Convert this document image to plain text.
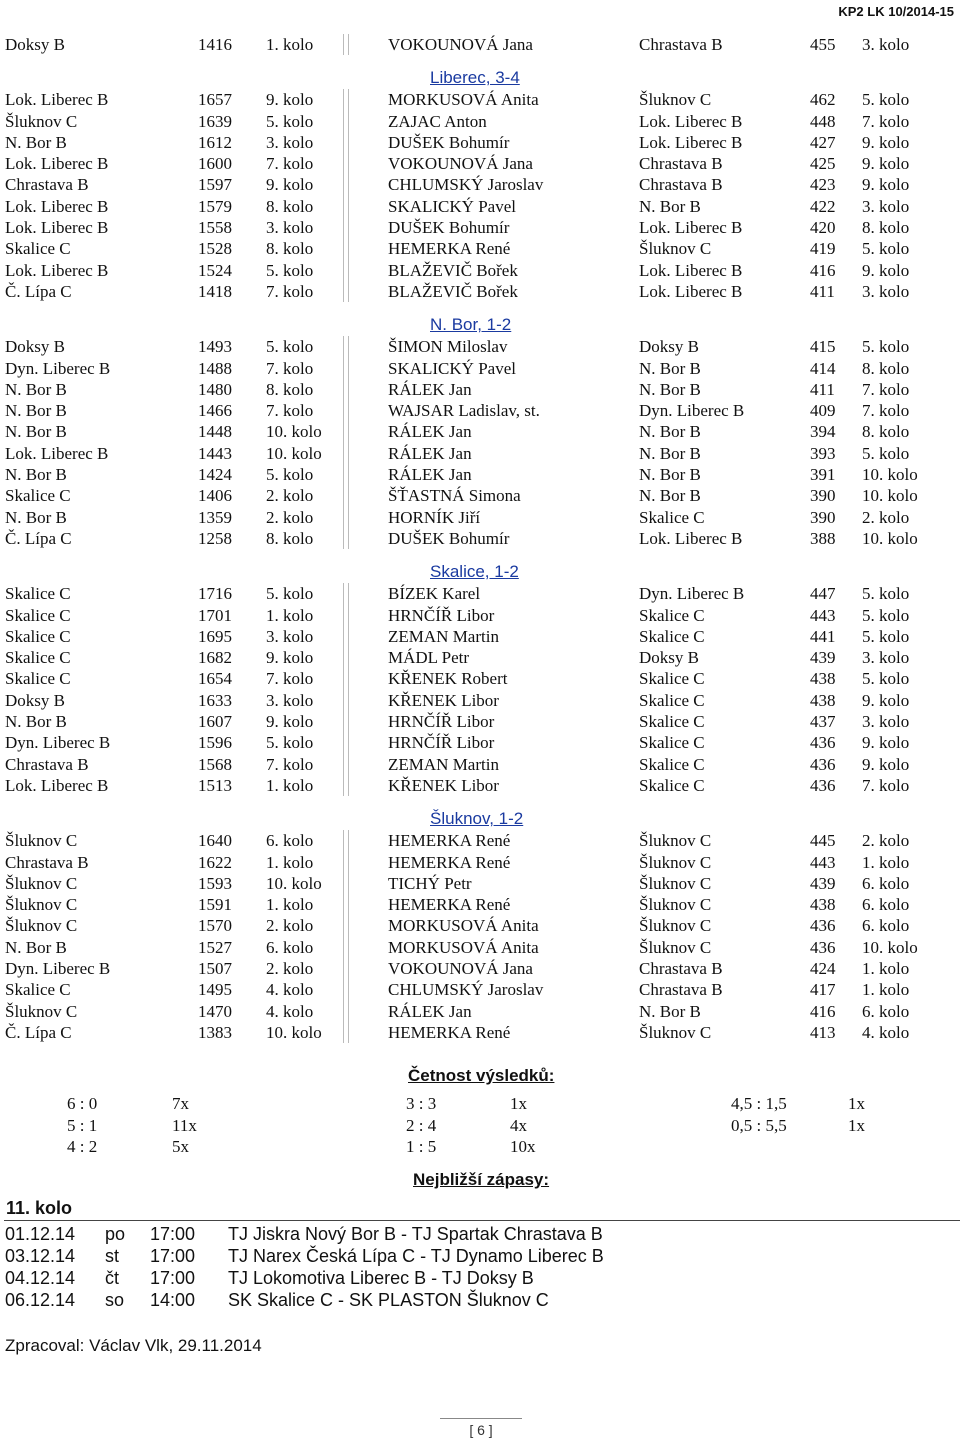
KP2 LK 10/2014-15
Doksy B	1416 1. kolo	VOKOUNOVÁ Jana	Chrastava B	455 3. kolo
Liberec, 3-4
Lok. Liberec B	1657 9. kolo	MORKUSOVÁ Anita	Šluknov C	462 5. kolo
Šluknov C	1639 5. kolo	ZAJAC Anton	Lok. Liberec B	448 7. kolo
N. Bor B	1612 3. kolo	DUŠEK Bohumír	Lok. Liberec B	427 9. kolo
Lok. Liberec B	1600 7. kolo	VOKOUNOVÁ Jana	Chrastava B	425 9. kolo
Chrastava B	1597 9. kolo	CHLUMSKÝ Jaroslav	Chrastava B	423 9. kolo
Lok. Liberec B	1579 8. kolo	SKALICKÝ Pavel	N. Bor B	422 3. kolo
Lok. Liberec B	1558 3. kolo	DUŠEK Bohumír	Lok. Liberec B	420 8. kolo
Skalice C	1528 8. kolo	HEMERKA René	Šluknov C	419 5. kolo
Lok. Liberec B	1524 5. kolo	BLAŽEVIČ Bořek	Lok. Liberec B	416 9. kolo
Č. Lípa C	1418 7. kolo	BLAŽEVIČ Bořek	Lok. Liberec B	411 3. kolo
N. Bor, 1-2
Doksy B	1493 5. kolo	ŠIMON Miloslav	Doksy B	415 5. kolo
Dyn. Liberec B	1488 7. kolo	SKALICKÝ Pavel	N. Bor B	414 8. kolo
N. Bor B	1480 8. kolo	RÁLEK Jan	N. Bor B	411 7. kolo
N. Bor B	1466 7. kolo	WAJSAR Ladislav, st.	Dyn. Liberec B	409 7. kolo
N. Bor B	1448 10. kolo	RÁLEK Jan	N. Bor B	394 8. kolo
Lok. Liberec B	1443 10. kolo	RÁLEK Jan	N. Bor B	393 5. kolo
N. Bor B	1424 5. kolo	RÁLEK Jan	N. Bor B	391 10. kolo
Skalice C	1406 2. kolo	ŠŤASTNÁ Simona	N. Bor B	390 10. kolo
N. Bor B	1359 2. kolo	HORNÍK Jiří	Skalice C	390 2. kolo
Č. Lípa C	1258 8. kolo	DUŠEK Bohumír	Lok. Liberec B	388 10. kolo
Skalice, 1-2
Skalice C	1716 5. kolo	BÍZEK Karel	Dyn. Liberec B	447 5. kolo
Skalice C	1701 1. kolo	HRNČÍŘ Libor	Skalice C	443 5. kolo
Skalice C	1695 3. kolo	ZEMAN Martin	Skalice C	441 5. kolo
Skalice C	1682 9. kolo	MÁDL Petr	Doksy B	439 3. kolo
Skalice C	1654 7. kolo	KŘENEK Robert	Skalice C	438 5. kolo
Doksy B	1633 3. kolo	KŘENEK Libor	Skalice C	438 9. kolo
N. Bor B	1607 9. kolo	HRNČÍŘ Libor	Skalice C	437 3. kolo
Dyn. Liberec B	1596 5. kolo	HRNČÍŘ Libor	Skalice C	436 9. kolo
Chrastava B	1568 7. kolo	ZEMAN Martin	Skalice C	436 9. kolo
Lok. Liberec B	1513 1. kolo	KŘENEK Libor	Skalice C	436 7. kolo
Šluknov, 1-2
Šluknov C	1640 6. kolo	HEMERKA René	Šluknov C	445 2. kolo
Chrastava B	1622 1. kolo	HEMERKA René	Šluknov C	443 1. kolo
Šluknov C	1593 10. kolo	TICHÝ Petr	Šluknov C	439 6. kolo
Šluknov C	1591 1. kolo	HEMERKA René	Šluknov C	438 6. kolo
Šluknov C	1570 2. kolo	MORKUSOVÁ Anita	Šluknov C	436 6. kolo
N. Bor B	1527 6. kolo	MORKUSOVÁ Anita	Šluknov C	436 10. kolo
Dyn. Liberec B	1507 2. kolo	VOKOUNOVÁ Jana	Chrastava B	424 1. kolo
Skalice C	1495 4. kolo	CHLUMSKÝ Jaroslav	Chrastava B	417 1. kolo
Šluknov C	1470 4. kolo	RÁLEK Jan	N. Bor B	416 6. kolo
Č. Lípa C	1383 10. kolo	HEMERKA René	Šluknov C	413 4. kolo
Četnost výsledků:
6 : 0	7x	3 : 3	1x	4,5 : 1,5	1x
5 : 1	11x	2 : 4	4x	0,5 : 5,5	1x
4 : 2	5x	1 : 5	10x
Nejbližší zápasy:
11. kolo
01.12.14 po 17:00 TJ Jiskra Nový Bor B - TJ Spartak Chrastava B
03.12.14 st 17:00 TJ Narex Česká Lípa C - TJ Dynamo Liberec B
04.12.14 čt 17:00 TJ Lokomotiva Liberec B - TJ Doksy B
06.12.14 so 14:00 SK Skalice C - SK PLASTON Šluknov C
Zpracoval: Václav Vlk, 29.11.2014
[ 6 ]
